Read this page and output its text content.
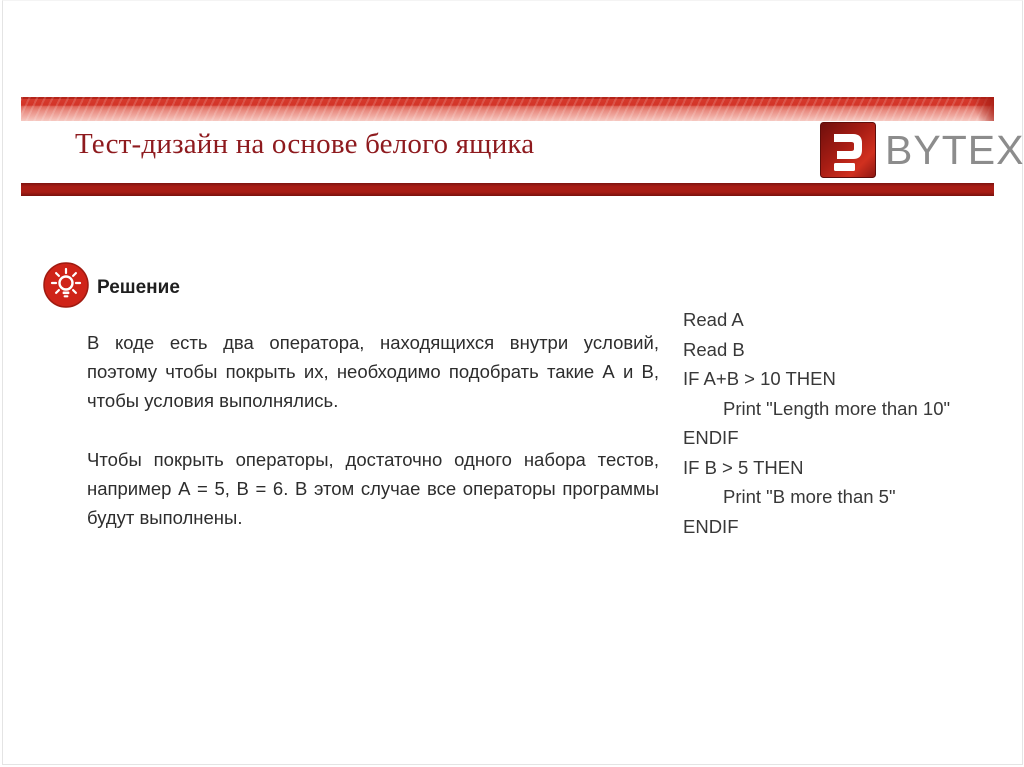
Тест-дизайн на основе белого ящика	BYTEX
Решение

В коде есть два оператора, находящихся внутри условий, поэтому чтобы покрыть их, необходимо подобрать такие А и В, чтобы условия выполнялись.

Чтобы покрыть операторы, достаточно одного набора тестов, например А = 5, В = 6. В этом случае все операторы программы будут выполнены.

Read A
Read B
IF A+B > 10 THEN
Print "Length more than 10"
ENDIF
IF B > 5 THEN
Print "B more than 5"
ENDIF
